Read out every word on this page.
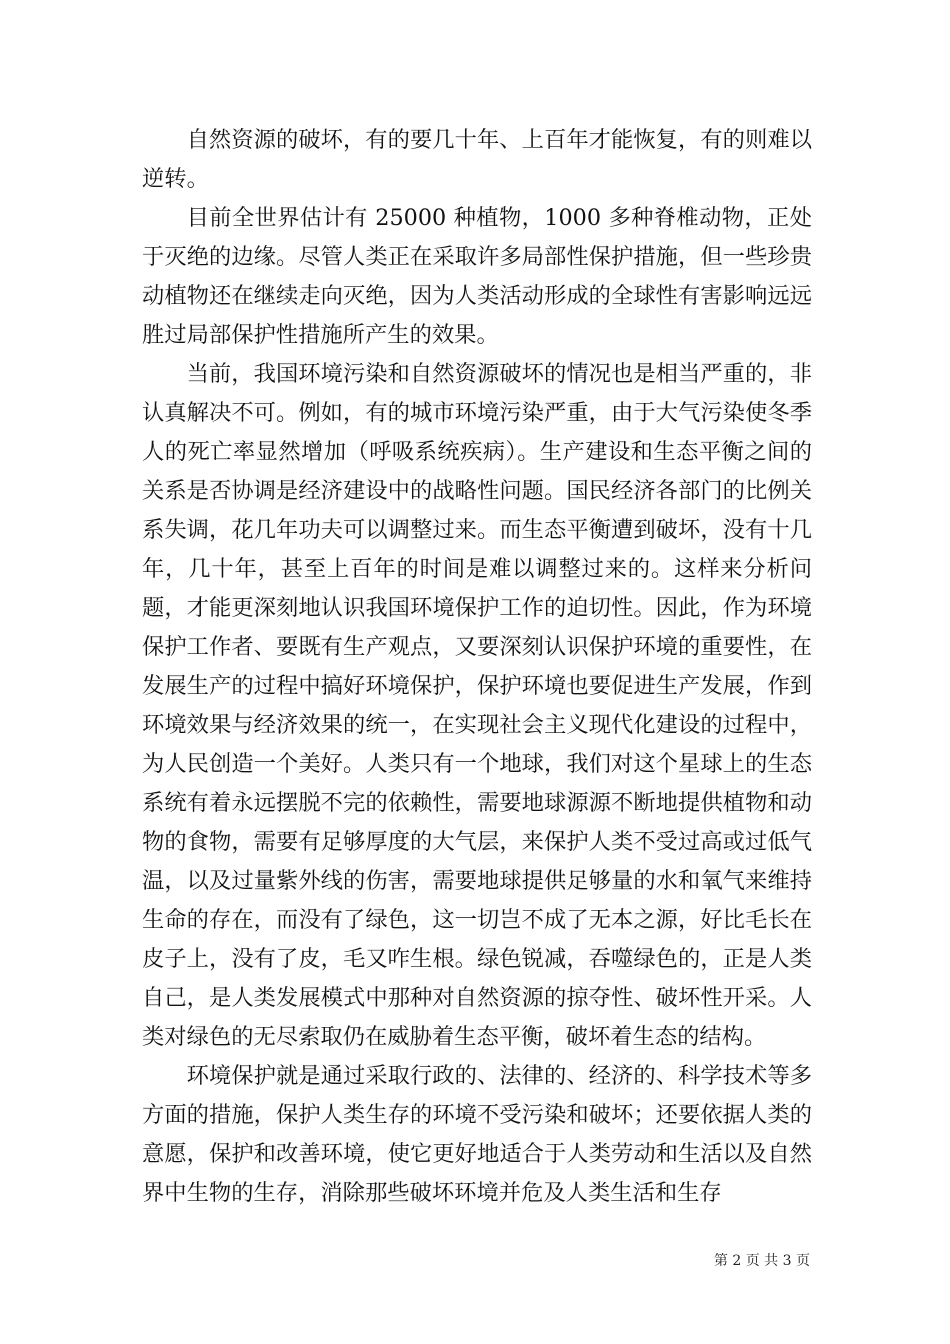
自然资源的破坏，有的要几十年、上百年才能恢复，有的则难以逆转。

目前全世界估计有 25000 种植物，1000 多种脊椎动物，正处于灭绝的边缘。尽管人类正在采取许多局部性保护措施，但一些珍贵动植物还在继续走向灭绝，因为人类活动形成的全球性有害影响远远胜过局部保护性措施所产生的效果。

当前，我国环境污染和自然资源破坏的情况也是相当严重的，非认真解决不可。例如，有的城市环境污染严重，由于大气污染使冬季人的死亡率显然增加（呼吸系统疾病）。生产建设和生态平衡之间的关系是否协调是经济建设中的战略性问题。国民经济各部门的比例关系失调，花几年功夫可以调整过来。而生态平衡遭到破坏，没有十几年，几十年，甚至上百年的时间是难以调整过来的。这样来分析问题，才能更深刻地认识我国环境保护工作的迫切性。因此，作为环境保护工作者、要既有生产观点，又要深刻认识保护环境的重要性，在发展生产的过程中搞好环境保护，保护环境也要促进生产发展，作到环境效果与经济效果的统一，在实现社会主义现代化建设的过程中，为人民创造一个美好。人类只有一个地球，我们对这个星球上的生态系统有着永远摆脱不完的依赖性，需要地球源源不断地提供植物和动物的食物，需要有足够厚度的大气层，来保护人类不受过高或过低气温，以及过量紫外线的伤害，需要地球提供足够量的水和氧气来维持生命的存在，而没有了绿色，这一切岂不成了无本之源，好比毛长在皮子上，没有了皮，毛又咋生根。绿色锐减，吞噬绿色的，正是人类自己，是人类发展模式中那种对自然资源的掠夺性、破坏性开采。人类对绿色的无尽索取仍在威胁着生态平衡，破坏着生态的结构。

环境保护就是通过采取行政的、法律的、经济的、科学技术等多方面的措施，保护人类生存的环境不受污染和破坏；还要依据人类的意愿，保护和改善环境，使它更好地适合于人类劳动和生活以及自然界中生物的生存，消除那些破坏环境并危及人类生活和生存

第 2 页 共 3 页
